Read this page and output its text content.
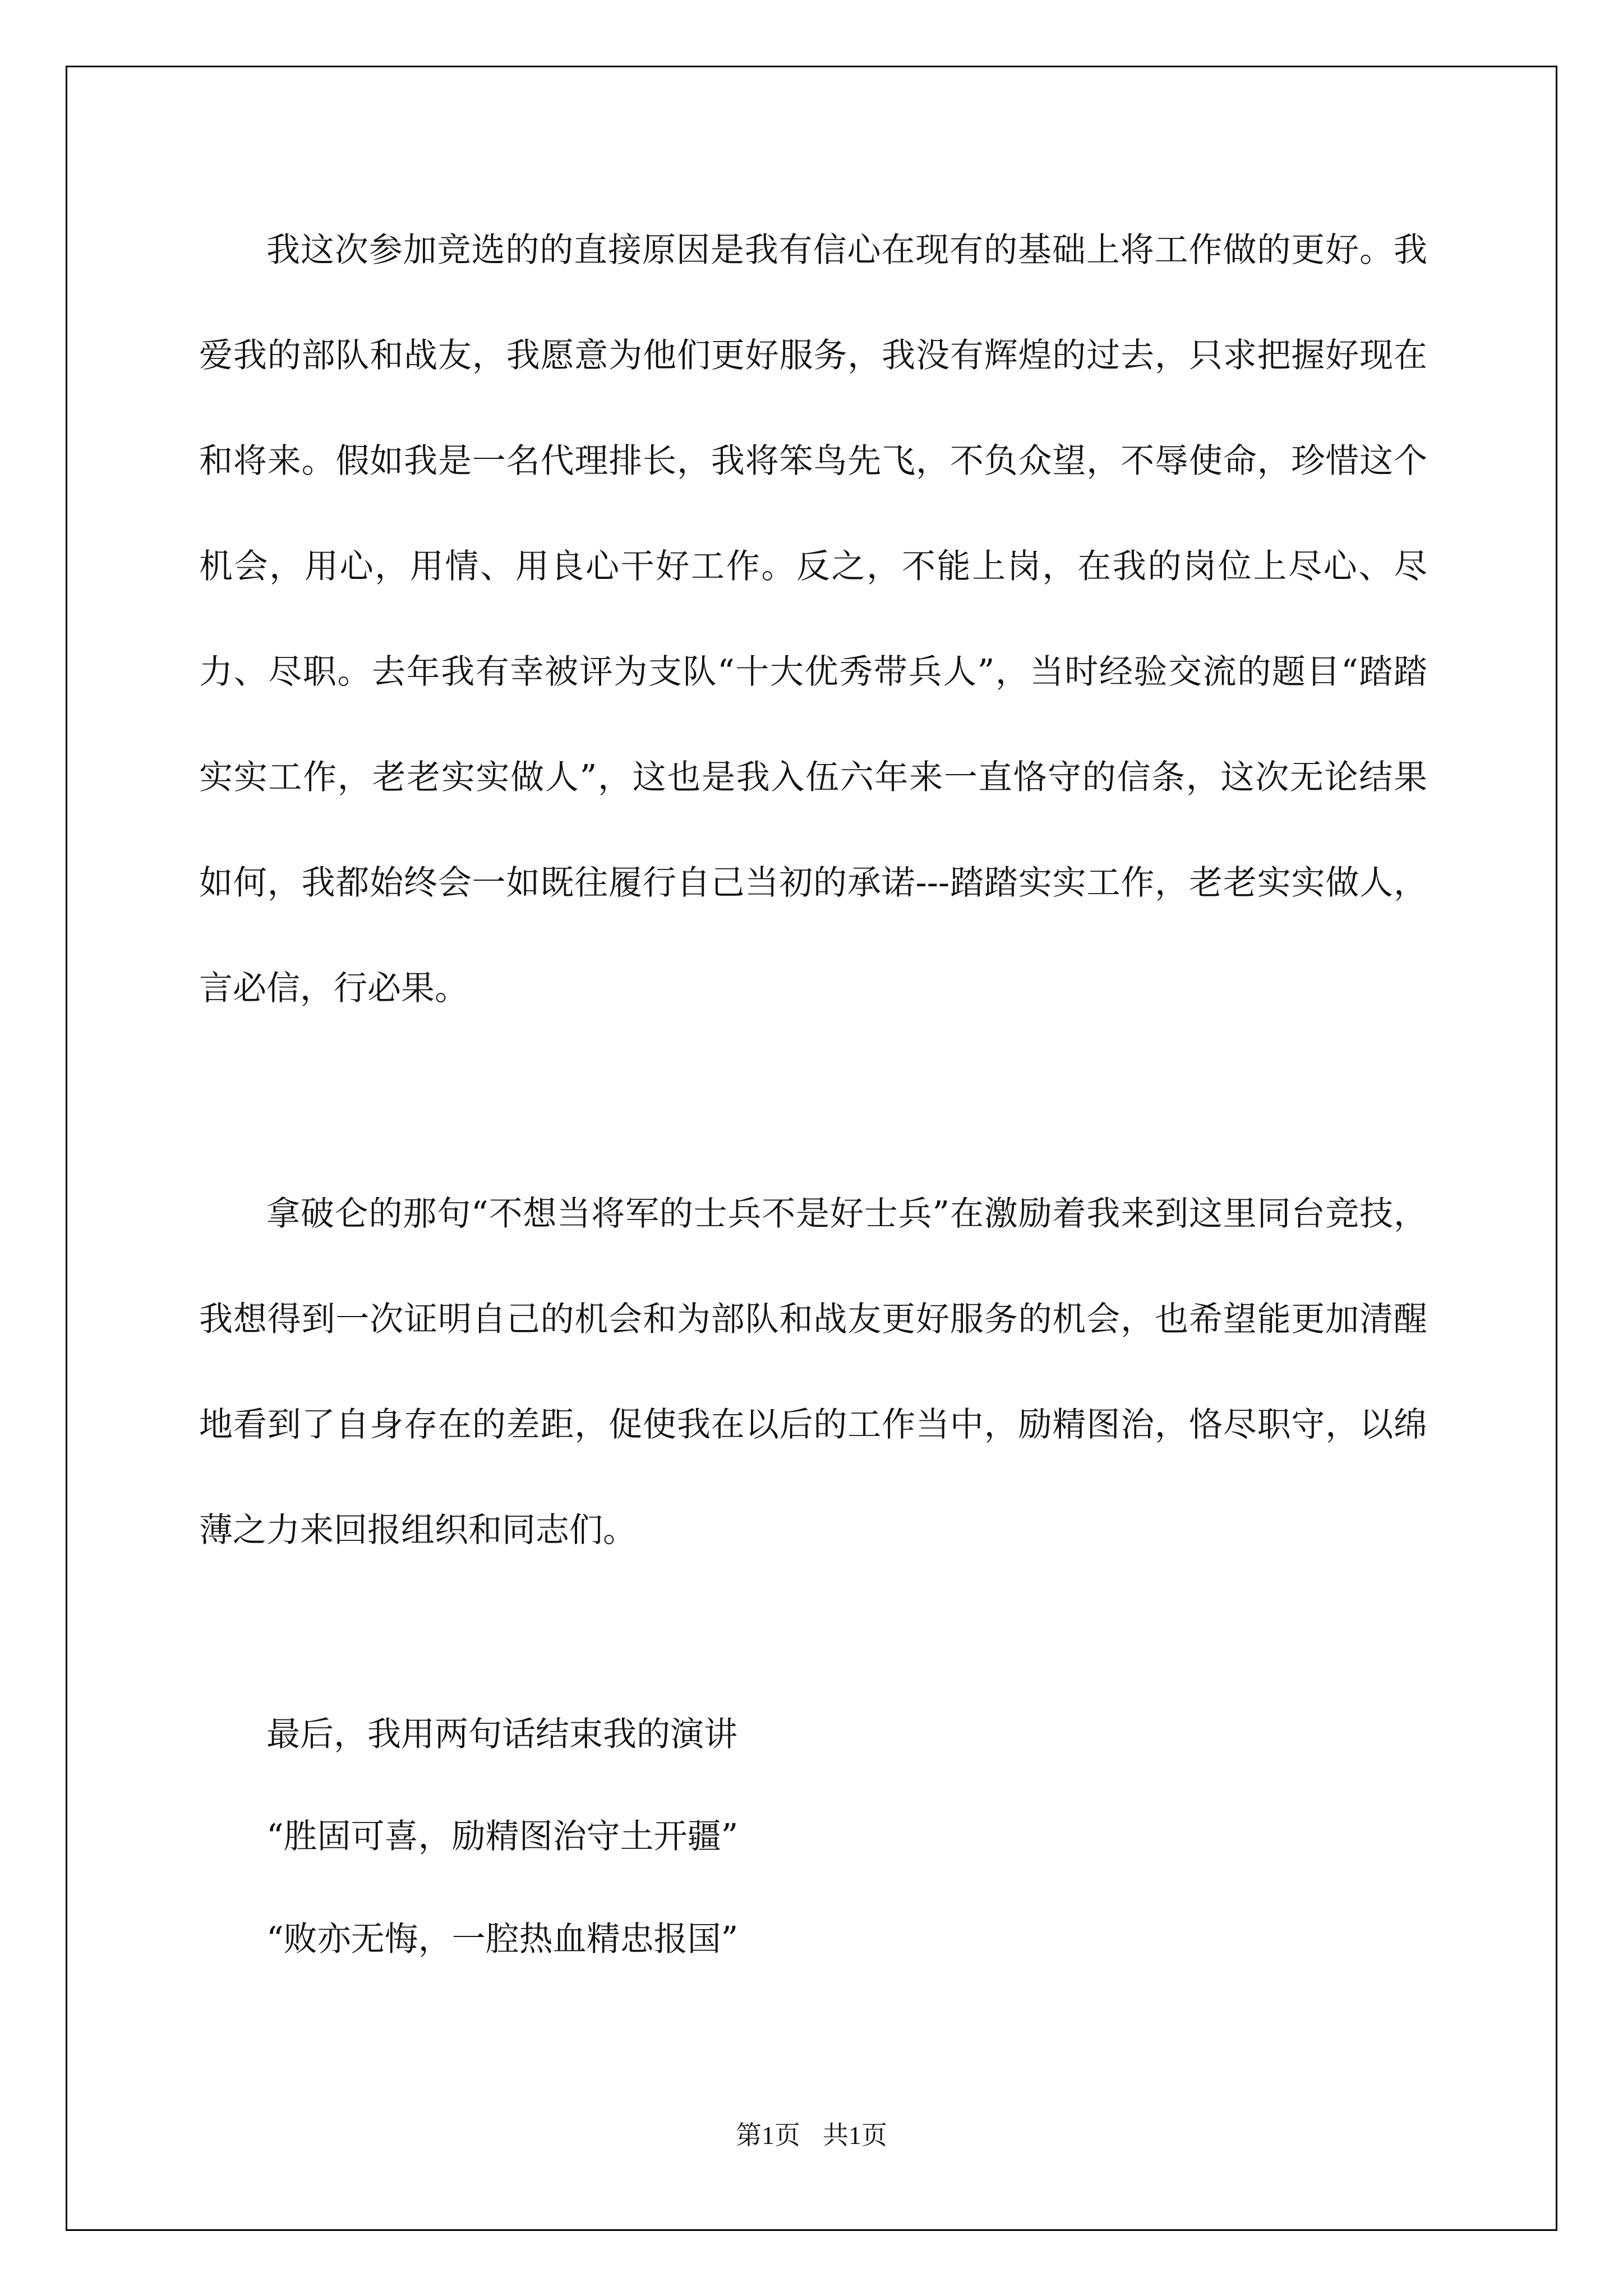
我这次参加竞选的的直接原因是我有信心在现有的基础上将工作做的更好。我爱我的部队和战友，我愿意为他们更好服务，我没有辉煌的过去，只求把握好现在和将来。假如我是一名代理排长，我将笨鸟先飞，不负众望，不辱使命，珍惜这个机会，用心，用情、用良心干好工作。反之，不能上岗，在我的岗位上尽心、尽力、尽职。去年我有幸被评为支队“十大优秀带兵人”，当时经验交流的题目“踏踏实实工作，老老实实做人”，这也是我入伍六年来一直恪守的信条，这次无论结果如何，我都始终会一如既往履行自己当初的承诺---踏踏实实工作，老老实实做人，言必信，行必果。

拿破仑的那句“不想当将军的士兵不是好士兵”在激励着我来到这里同台竞技，我想得到一次证明自己的机会和为部队和战友更好服务的机会，也希望能更加清醒地看到了自身存在的差距，促使我在以后的工作当中，励精图治，恪尽职守，以绵薄之力来回报组织和同志们。

最后，我用两句话结束我的演讲

“胜固可喜，励精图治守土开疆”

“败亦无悔，一腔热血精忠报国”

第1页 共1页
